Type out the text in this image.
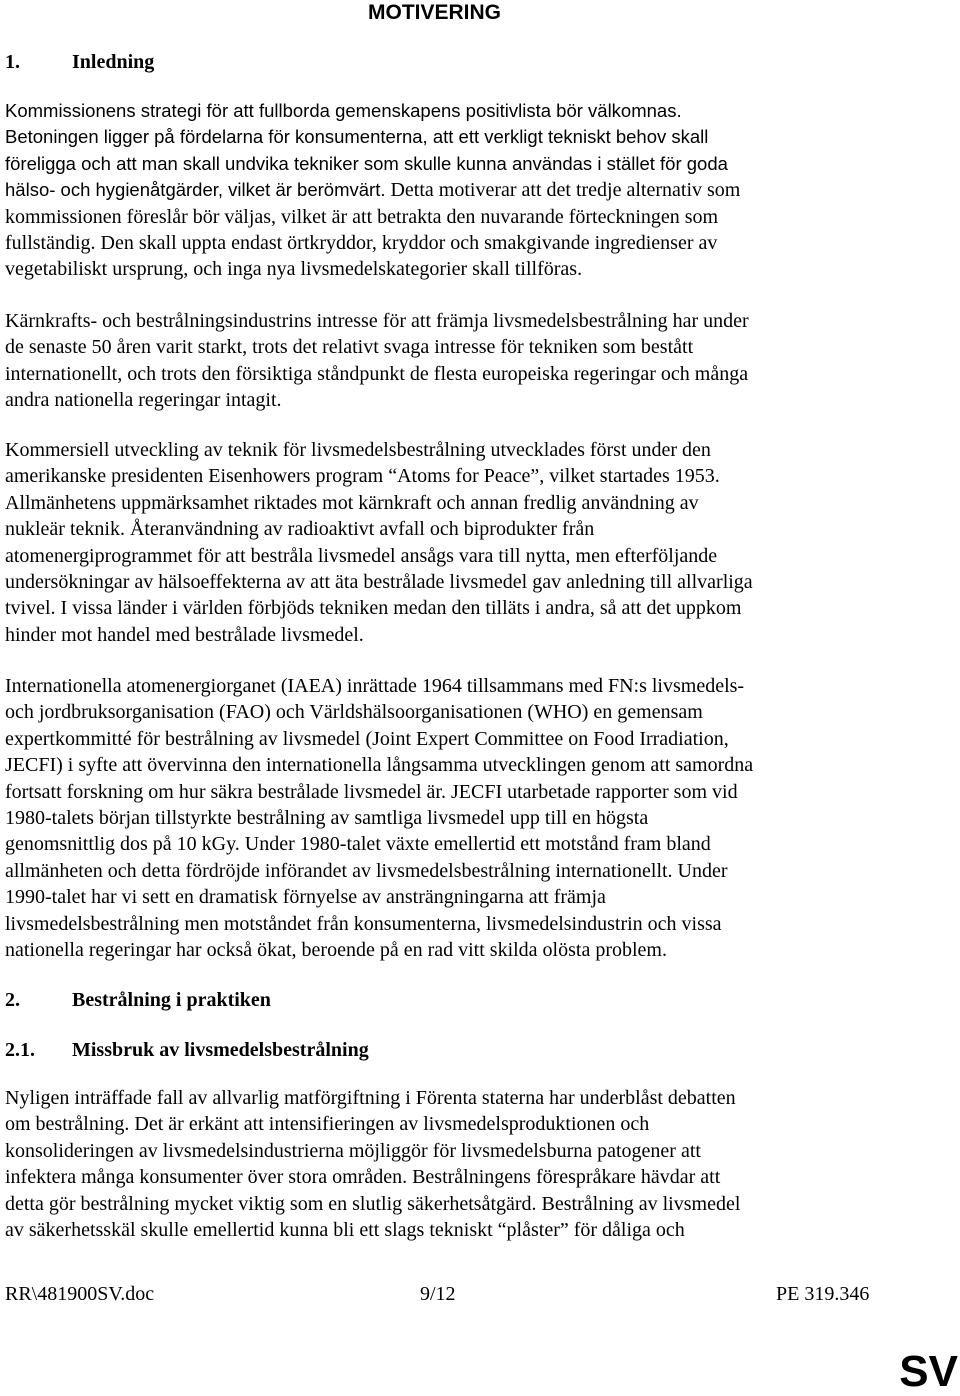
MOTIVERING
1.	Inledning
Kommissionens strategi för att fullborda gemenskapens positivlista bör välkomnas.
Betoningen ligger på fördelarna för konsumenterna, att ett verkligt tekniskt behov skall
föreligga och att man skall undvika tekniker som skulle kunna användas i stället för goda
hälso- och hygienåtgärder, vilket är berömvärt. Detta motiverar att det tredje alternativ som
kommissionen föreslår bör väljas, vilket är att betrakta den nuvarande förteckningen som
fullständig. Den skall uppta endast örtkryddor, kryddor och smakgivande ingredienser av
vegetabiliskt ursprung, och inga nya livsmedelskategorier skall tillföras.
Kärnkrafts- och bestrålningsindustrins intresse för att främja livsmedelsbestrålning har under
de senaste 50 åren varit starkt, trots det relativt svaga intresse för tekniken som bestått
internationellt, och trots den försiktiga ståndpunkt de flesta europeiska regeringar och många
andra nationella regeringar intagit.
Kommersiell utveckling av teknik för livsmedelsbestrålning utvecklades först under den
amerikanske presidenten Eisenhowers program “Atoms for Peace”, vilket startades 1953.
Allmänhetens uppmärksamhet riktades mot kärnkraft och annan fredlig användning av
nukleär teknik. Återanvändning av radioaktivt avfall och biprodukter från
atomenergiprogrammet för att bestråla livsmedel ansågs vara till nytta, men efterföljande
undersökningar av hälsoeffekterna av att äta bestrålade livsmedel gav anledning till allvarliga
tvivel. I vissa länder i världen förbjöds tekniken medan den tilläts i andra, så att det uppkom
hinder mot handel med bestrålade livsmedel.
Internationella atomenergiorganet (IAEA) inrättade 1964 tillsammans med FN:s livsmedels-
och jordbruksorganisation (FAO) och Världshälsoorganisationen (WHO) en gemensam
expertkommitté för bestrålning av livsmedel (Joint Expert Committee on Food Irradiation,
JECFI) i syfte att övervinna den internationella långsamma utvecklingen genom att samordna
fortsatt forskning om hur säkra bestrålade livsmedel är. JECFI utarbetade rapporter som vid
1980-talets början tillstyrkte bestrålning av samtliga livsmedel upp till en högsta
genomsnittlig dos på 10 kGy. Under 1980-talet växte emellertid ett motstånd fram bland
allmänheten och detta fördröjde införandet av livsmedelsbestrålning internationellt. Under
1990-talet har vi sett en dramatisk förnyelse av ansträngningarna att främja
livsmedelsbestrålning men motståndet från konsumenterna, livsmedelsindustrin och vissa
nationella regeringar har också ökat, beroende på en rad vitt skilda olösta problem.
2.	Bestrålning i praktiken
2.1. Missbruk av livsmedelsbestrålning
Nyligen inträffade fall av allvarlig matförgiftning i Förenta staterna har underblåst debatten
om bestrålning. Det är erkänt att intensifieringen av livsmedelsproduktionen och
konsolideringen av livsmedelsindustrierna möjliggör för livsmedelsburna patogener att
infektera många konsumenter över stora områden. Bestrålningens förespråkare hävdar att
detta gör bestrålning mycket viktig som en slutlig säkerhetsåtgärd. Bestrålning av livsmedel
av säkerhetsskäl skulle emellertid kunna bli ett slags tekniskt “plåster” för dåliga och
RR\481900SV.doc	9/12	PE 319.346
SV
